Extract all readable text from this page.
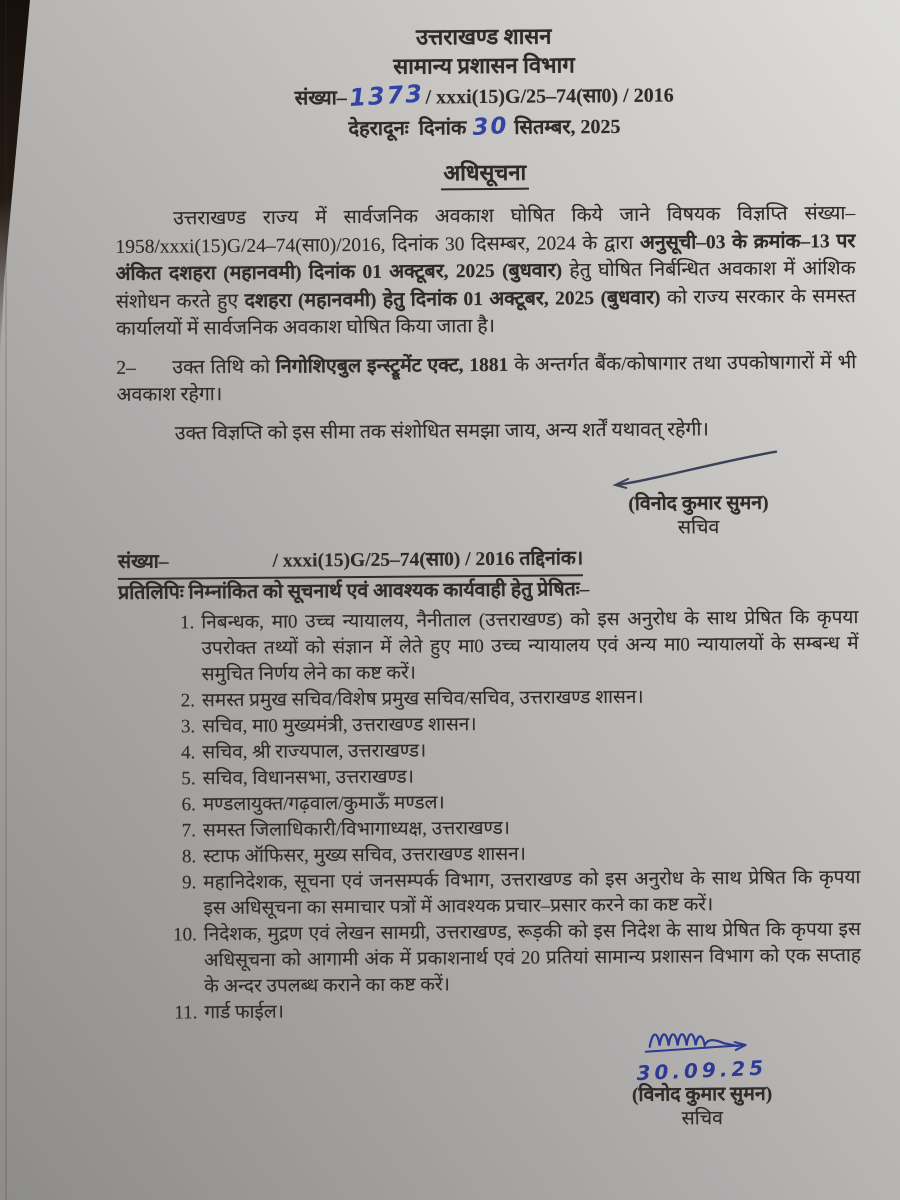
उत्तराखण्ड शासन
सामान्य प्रशासन विभाग
संख्या–1373/ xxxi(15)G/25–74(सा0) / 2016
देहरादूनः दिनांक 30 सितम्बर, 2025
अधिसूचना

उत्तराखण्ड राज्य में सार्वजनिक अवकाश घोषित किये जाने विषयक विज्ञप्ति संख्या–1958/xxxi(15)G/24–74(सा0)/2016, दिनांक 30 दिसम्बर, 2024 के द्वारा अनुसूची–03 के क्रमांक–13 पर अंकित दशहरा (महानवमी) दिनांक 01 अक्टूबर, 2025 (बुधवार) हेतु घोषित निर्बन्धित अवकाश में आंशिक संशोधन करते हुए दशहरा (महानवमी) हेतु दिनांक 01 अक्टूबर, 2025 (बुधवार) को राज्य सरकार के समस्त कार्यालयों में सार्वजनिक अवकाश घोषित किया जाता है।

2– उक्त तिथि को निगोशिएबुल इन्स्ट्रूमेंट एक्ट, 1881 के अन्तर्गत बैंक/कोषागार तथा उपकोषागारों में भी अवकाश रहेगा।

उक्त विज्ञप्ति को इस सीमा तक संशोधित समझा जाय, अन्य शर्तें यथावत् रहेगी।

(विनोद कुमार सुमन)
सचिव
संख्या–	/ xxxi(15)G/25–74(सा0) / 2016 तद्दिनांक।
प्रतिलिपिः निम्नांकित को सूचनार्थ एवं आवश्यक कार्यवाही हेतु प्रेषितः–
1. निबन्धक, मा0 उच्च न्यायालय, नैनीताल (उत्तराखण्ड) को इस अनुरोध के साथ प्रेषित कि कृपया उपरोक्त तथ्यों को संज्ञान में लेते हुए मा0 उच्च न्यायालय एवं अन्य मा0 न्यायालयों के सम्बन्ध में समुचित निर्णय लेने का कष्ट करें।
2. समस्त प्रमुख सचिव/विशेष प्रमुख सचिव/सचिव, उत्तराखण्ड शासन।
3. सचिव, मा0 मुख्यमंत्री, उत्तराखण्ड शासन।
4. सचिव, श्री राज्यपाल, उत्तराखण्ड।
5. सचिव, विधानसभा, उत्तराखण्ड।
6. मण्डलायुक्त/गढ़वाल/कुमाऊँ मण्डल।
7. समस्त जिलाधिकारी/विभागाध्यक्ष, उत्तराखण्ड।
8. स्टाफ ऑफिसर, मुख्य सचिव, उत्तराखण्ड शासन।
9. महानिदेशक, सूचना एवं जनसम्पर्क विभाग, उत्तराखण्ड को इस अनुरोध के साथ प्रेषित कि कृपया इस अधिसूचना का समाचार पत्रों में आवश्यक प्रचार–प्रसार करने का कष्ट करें।
10. निदेशक, मुद्रण एवं लेखन सामग्री, उत्तराखण्ड, रूड़की को इस निदेश के साथ प्रेषित कि कृपया इस अधिसूचना को आगामी अंक में प्रकाशनार्थ एवं 20 प्रतियां सामान्य प्रशासन विभाग को एक सप्ताह के अन्दर उपलब्ध कराने का कष्ट करें।
11. गार्ड फाईल।
30.09.25
(विनोद कुमार सुमन)
सचिव
